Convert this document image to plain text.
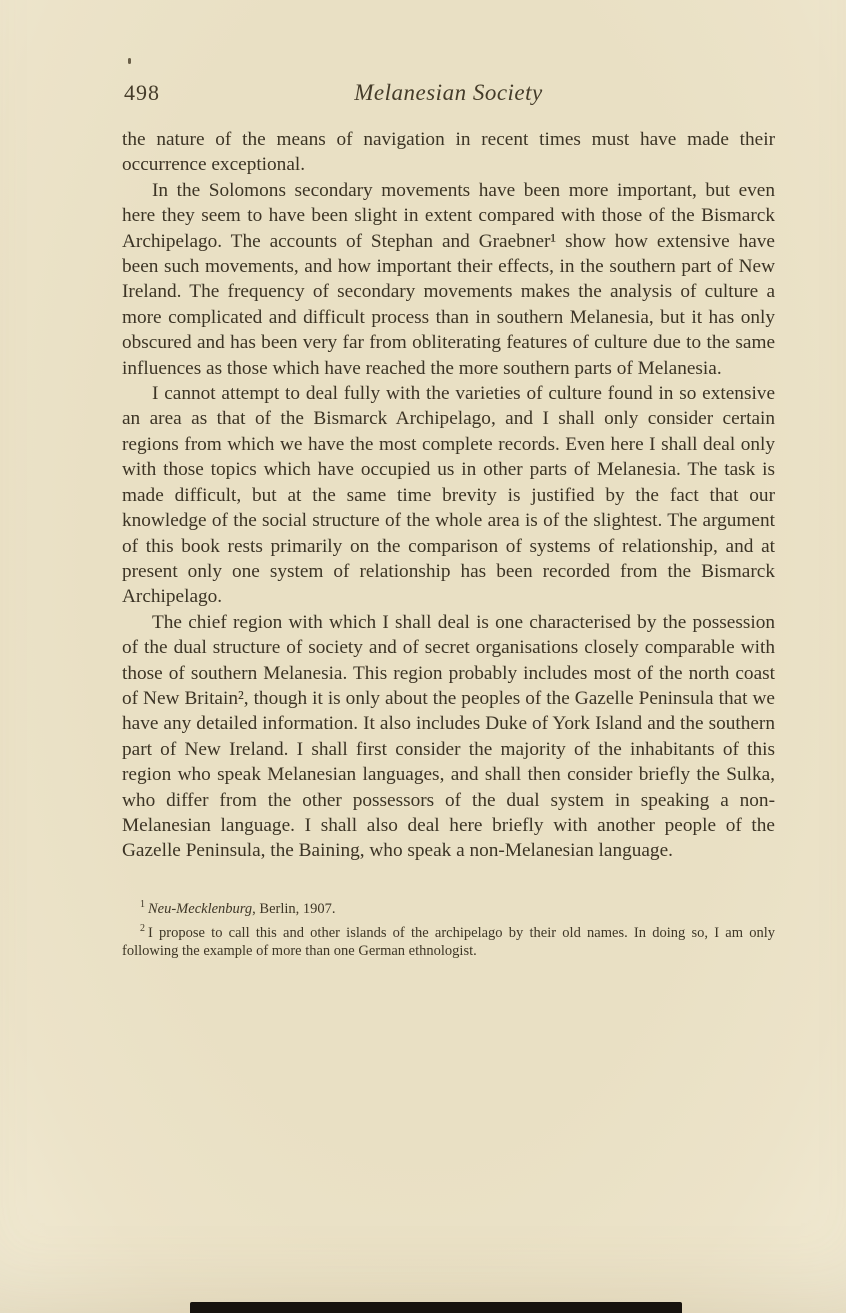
498	Melanesian Society

the nature of the means of navigation in recent times must have made their occurrence exceptional.

In the Solomons secondary movements have been more important, but even here they seem to have been slight in extent compared with those of the Bismarck Archipelago. The accounts of Stephan and Graebner¹ show how extensive have been such movements, and how important their effects, in the southern part of New Ireland. The frequency of secondary movements makes the analysis of culture a more complicated and difficult process than in southern Melanesia, but it has only obscured and has been very far from obliterating features of culture due to the same influences as those which have reached the more southern parts of Melanesia.

I cannot attempt to deal fully with the varieties of culture found in so extensive an area as that of the Bismarck Archipelago, and I shall only consider certain regions from which we have the most complete records. Even here I shall deal only with those topics which have occupied us in other parts of Melanesia. The task is made difficult, but at the same time brevity is justified by the fact that our knowledge of the social structure of the whole area is of the slightest. The argument of this book rests primarily on the comparison of systems of relationship, and at present only one system of relationship has been recorded from the Bismarck Archipelago.

The chief region with which I shall deal is one characterised by the possession of the dual structure of society and of secret organisations closely comparable with those of southern Melanesia. This region probably includes most of the north coast of New Britain², though it is only about the peoples of the Gazelle Peninsula that we have any detailed information. It also includes Duke of York Island and the southern part of New Ireland. I shall first consider the majority of the inhabitants of this region who speak Melanesian languages, and shall then consider briefly the Sulka, who differ from the other possessors of the dual system in speaking a non-Melanesian language. I shall also deal here briefly with another people of the Gazelle Peninsula, the Baining, who speak a non-Melanesian language.

$^1$ Neu-Mecklenburg, Berlin, 1907.

$^2$ I propose to call this and other islands of the archipelago by their old names. In doing so, I am only following the example of more than one German ethnologist.
